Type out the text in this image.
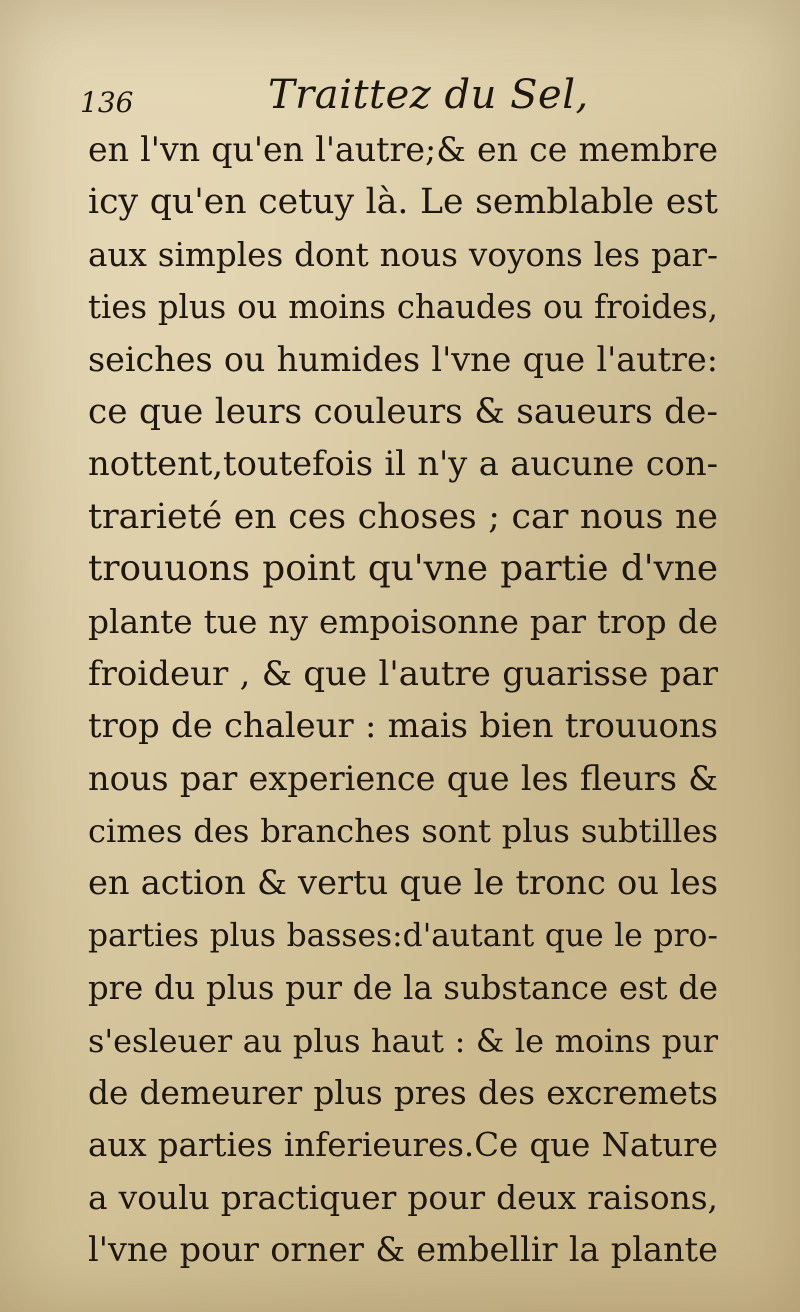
136	Traittez du Sel,
en l'vn qu'en l'autre;& en ce membre
icy qu'en cetuy là. Le semblable est
aux simples dont nous voyons les par-
ties plus ou moins chaudes ou froides,
seiches ou humides l'vne que l'autre:
ce que leurs couleurs & saueurs de-
nottent,toutefois il n'y a aucune con-
trarieté en ces choses ; car nous ne
trouuons point qu'vne partie d'vne
plante tue ny empoisonne par trop de
froideur , & que l'autre guarisse par
trop de chaleur : mais bien trouuons
nous par experience que les fleurs &
cimes des branches sont plus subtilles
en action & vertu que le tronc ou les
parties plus basses:d'autant que le pro-
pre du plus pur de la substance est de
s'esleuer au plus haut : & le moins pur
de demeurer plus pres des excremets
aux parties inferieures.Ce que Nature
a voulu practiquer pour deux raisons,
l'vne pour orner & embellir la plante
